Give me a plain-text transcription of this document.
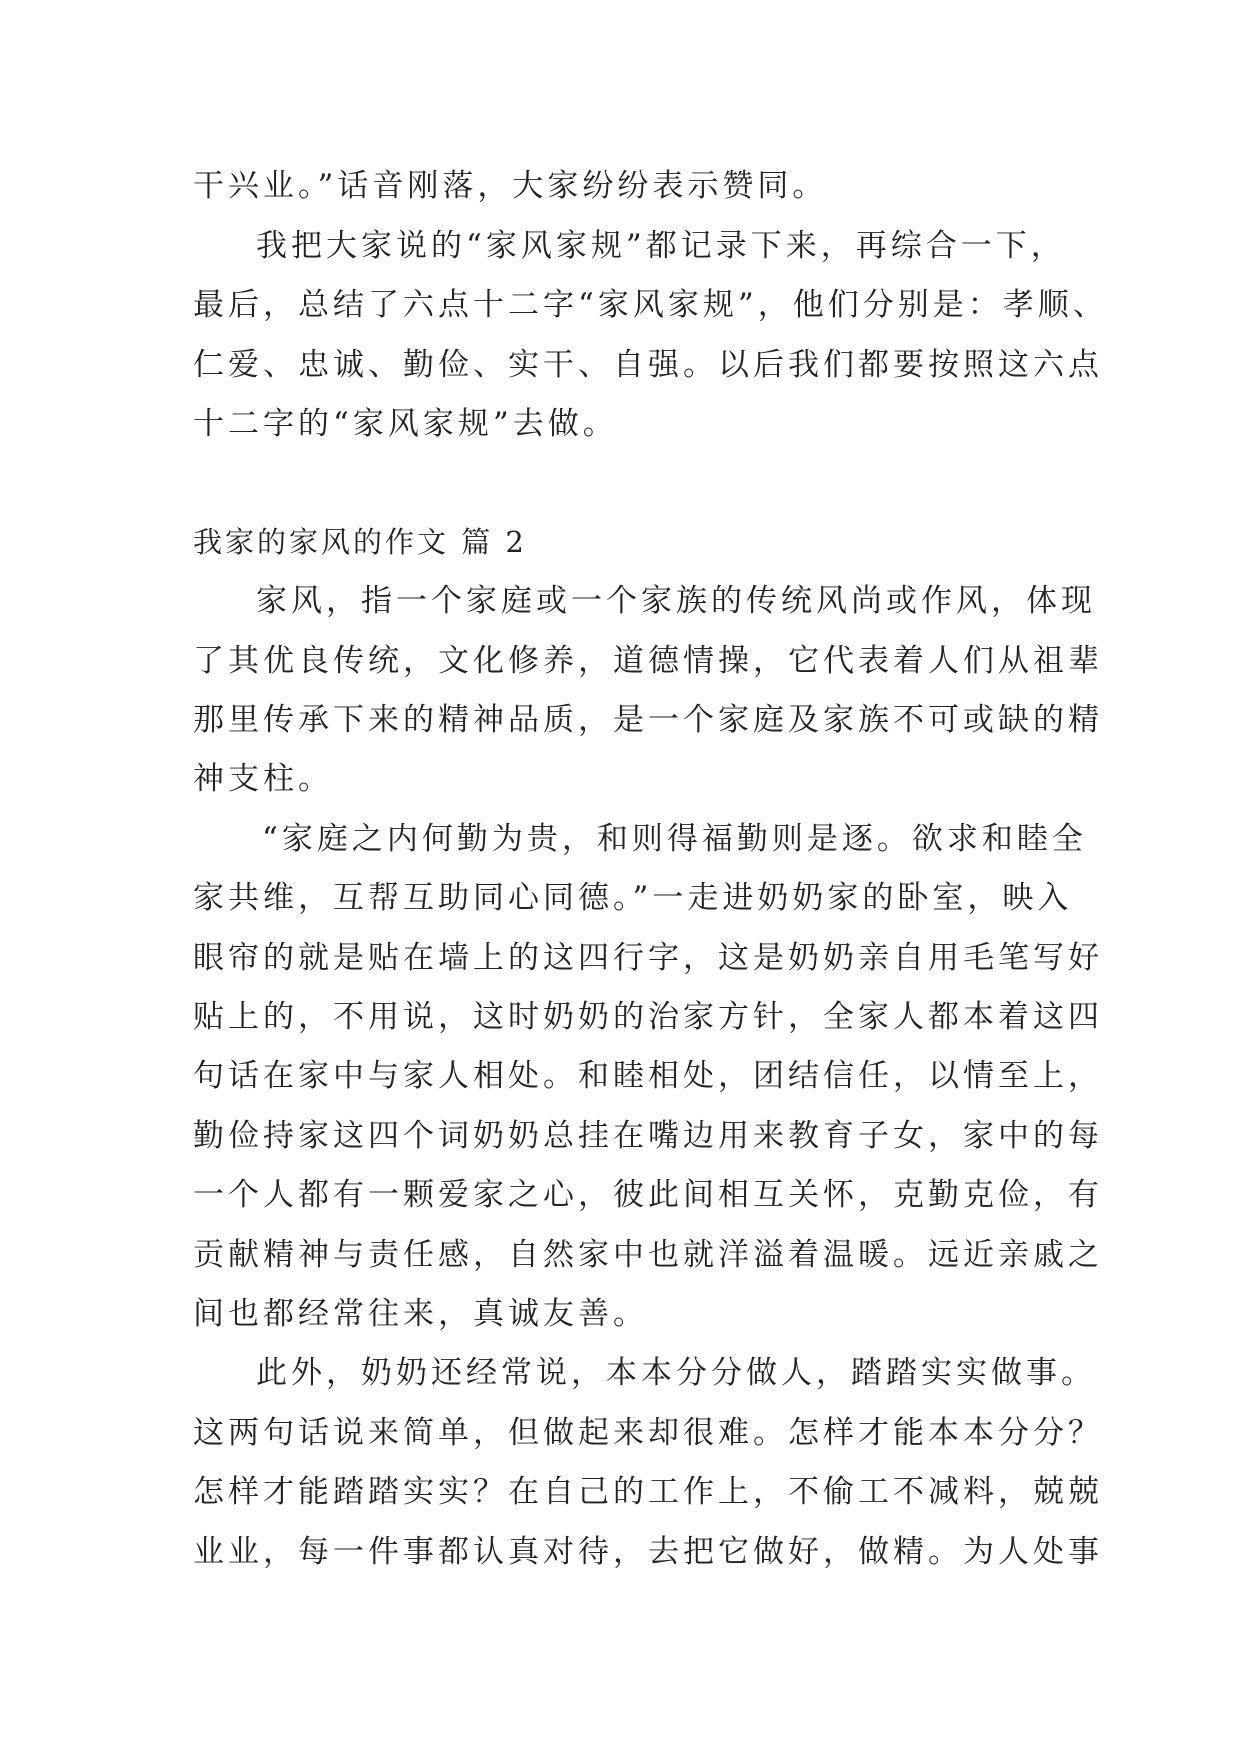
干兴业。”话音刚落，大家纷纷表示赞同。
我把大家说的“家风家规”都记录下来，再综合一下，
最后，总结了六点十二字“家风家规”，他们分别是：孝顺、
仁爱、忠诚、勤俭、实干、自强。以后我们都要按照这六点
十二字的“家风家规”去做。
我家的家风的作文 篇 2
家风，指一个家庭或一个家族的传统风尚或作风，体现
了其优良传统，文化修养，道德情操，它代表着人们从祖辈
那里传承下来的精神品质，是一个家庭及家族不可或缺的精
神支柱。
“家庭之内何勤为贵，和则得福勤则是逐。欲求和睦全
家共维，互帮互助同心同德。”一走进奶奶家的卧室，映入
眼帘的就是贴在墙上的这四行字，这是奶奶亲自用毛笔写好
贴上的，不用说，这时奶奶的治家方针，全家人都本着这四
句话在家中与家人相处。和睦相处，团结信任，以情至上，
勤俭持家这四个词奶奶总挂在嘴边用来教育子女，家中的每
一个人都有一颗爱家之心，彼此间相互关怀，克勤克俭，有
贡献精神与责任感，自然家中也就洋溢着温暖。远近亲戚之
间也都经常往来，真诚友善。
此外，奶奶还经常说，本本分分做人，踏踏实实做事。
这两句话说来简单，但做起来却很难。怎样才能本本分分？
怎样才能踏踏实实？在自己的工作上，不偷工不减料，兢兢
业业，每一件事都认真对待，去把它做好，做精。为人处事
